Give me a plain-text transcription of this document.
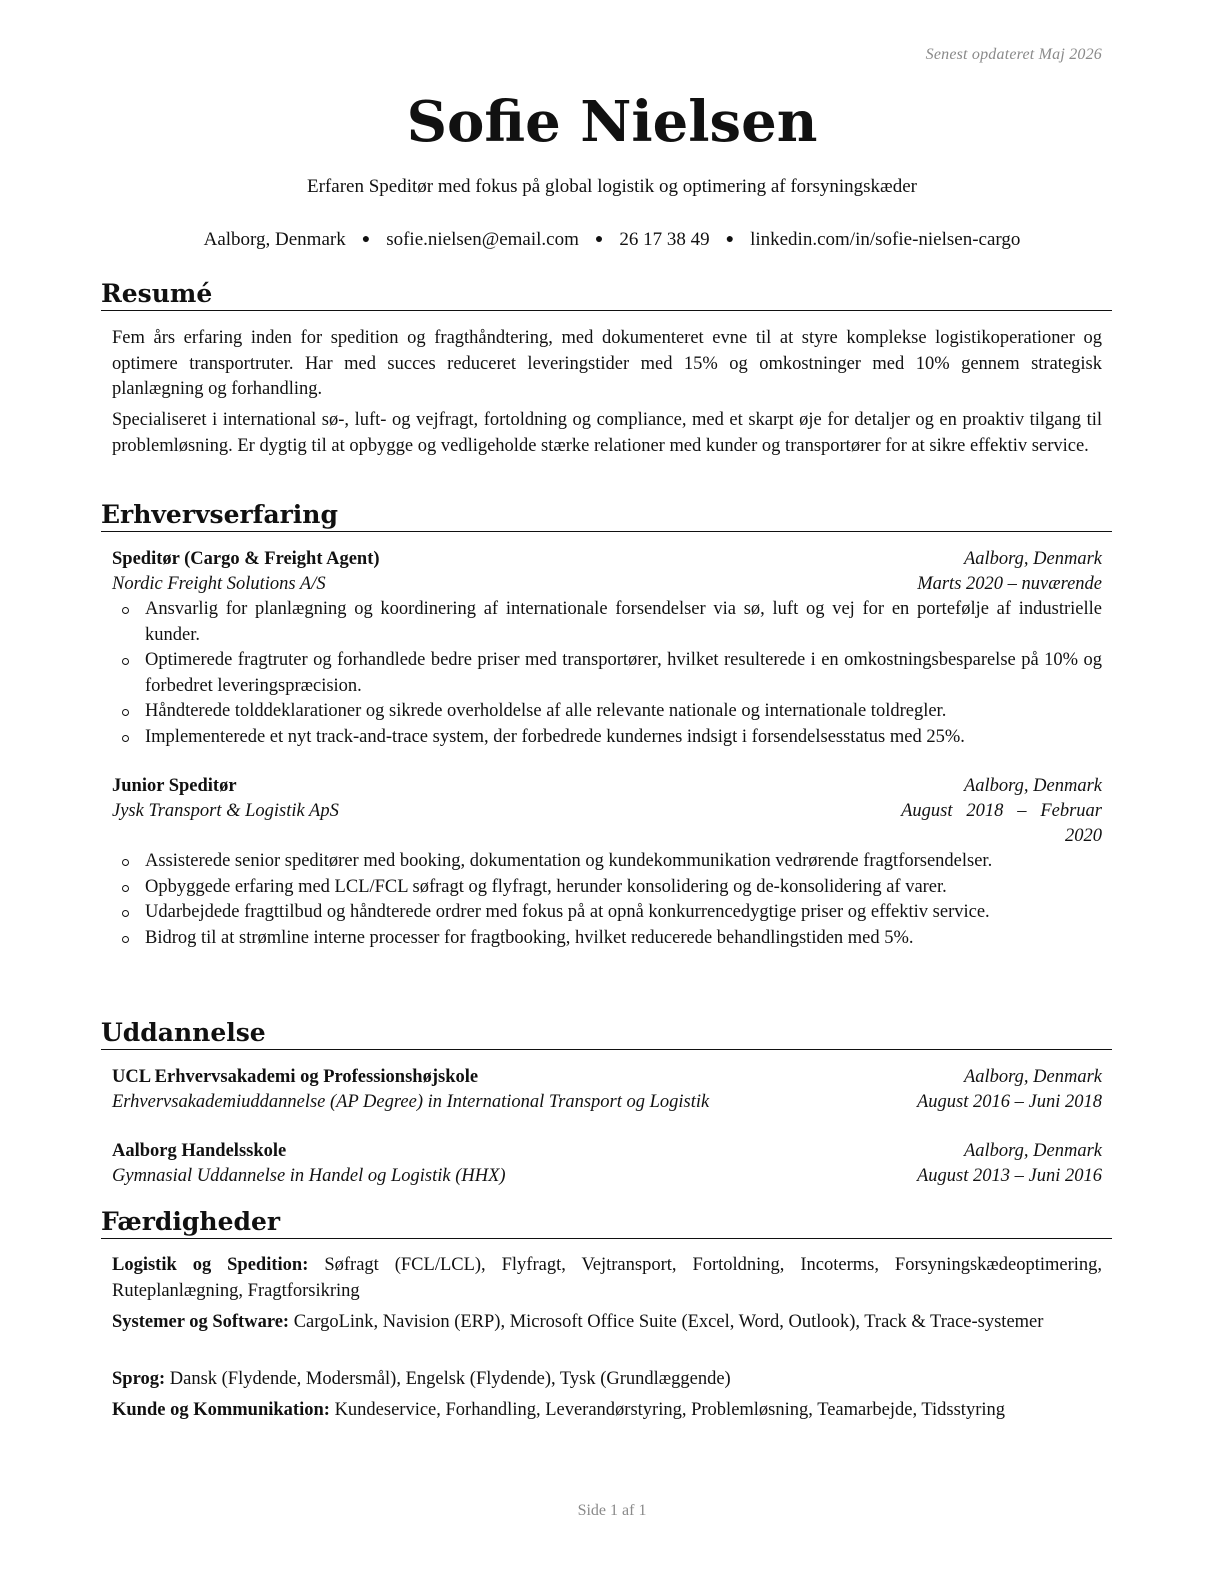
Senest opdateret Maj 2026
Sofie Nielsen
Erfaren Speditør med fokus på global logistik og optimering af forsyningskæder
Aalborg, Denmark ● sofie.nielsen@email.com ● 26 17 38 49 ● linkedin.com/in/sofie-nielsen-cargo
Resumé
Fem års erfaring inden for spedition og fragthåndtering, med dokumenteret evne til at styre komplekse logistikoperationer og optimere transportruter. Har med succes reduceret leveringstider med 15% og omkostninger med 10% gennem strategisk planlægning og forhandling.
Specialiseret i international sø-, luft- og vejfragt, fortoldning og compliance, med et skarpt øje for detaljer og en proaktiv tilgang til problemløsning. Er dygtig til at opbygge og vedligeholde stærke relationer med kunder og transportører for at sikre effektiv service.
Erhvervserfaring
Speditør (Cargo & Freight Agent)	Aalborg, Denmark
Nordic Freight Solutions A/S	Marts 2020 – nuværende
Ansvarlig for planlægning og koordinering af internationale forsendelser via sø, luft og vej for en portefølje af industrielle kunder.
Optimerede fragtruter og forhandlede bedre priser med transportører, hvilket resulterede i en omkostningsbesparelse på 10% og forbedret leveringspræcision.
Håndterede tolddeklarationer og sikrede overholdelse af alle relevante nationale og internationale toldregler.
Implementerede et nyt track-and-trace system, der forbedrede kundernes indsigt i forsendelsesstatus med 25%.
Junior Speditør	Aalborg, Denmark
Jysk Transport & Logistik ApS	August   2018   –   Februar
2020
Assisterede senior speditører med booking, dokumentation og kundekommunikation vedrørende fragtforsendelser.
Opbyggede erfaring med LCL/FCL søfragt og flyfragt, herunder konsolidering og de-konsolidering af varer.
Udarbejdede fragttilbud og håndterede ordrer med fokus på at opnå konkurrencedygtige priser og effektiv service.
Bidrog til at strømline interne processer for fragtbooking, hvilket reducerede behandlingstiden med 5%.
Uddannelse
UCL Erhvervsakademi og Professionshøjskole	Aalborg, Denmark
Erhvervsakademiuddannelse (AP Degree) in International Transport og Logistik	August 2016 – Juni 2018
Aalborg Handelsskole	Aalborg, Denmark
Gymnasial Uddannelse in Handel og Logistik (HHX)	August 2013 – Juni 2016
Færdigheder
Logistik og Spedition: Søfragt (FCL/LCL), Flyfragt, Vejtransport, Fortoldning, Incoterms, Forsyningskædeoptimering, Ruteplanlægning, Fragtforsikring
Systemer og Software: CargoLink, Navision (ERP), Microsoft Office Suite (Excel, Word, Outlook), Track & Trace-systemer
Sprog: Dansk (Flydende, Modersmål), Engelsk (Flydende), Tysk (Grundlæggende)
Kunde og Kommunikation: Kundeservice, Forhandling, Leverandørstyring, Problemløsning, Teamarbejde, Tidsstyring
Side 1 af 1
